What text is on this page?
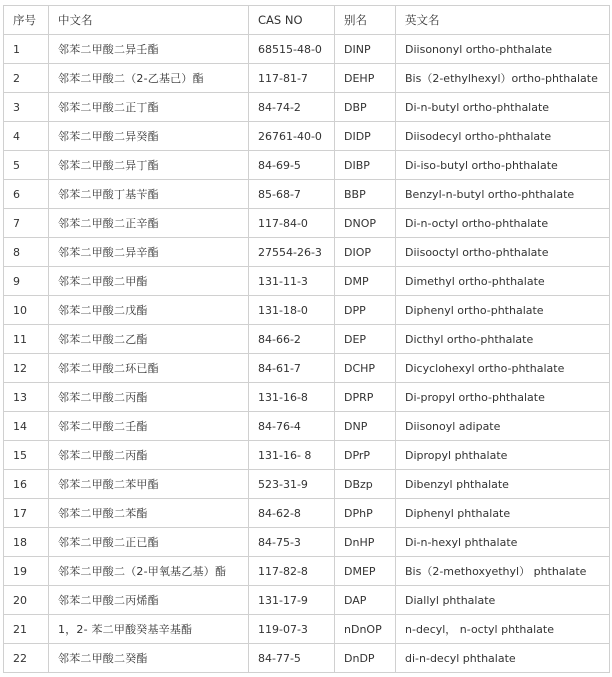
序号	中文名	CAS NO	别名	英文名
1	邻苯二甲酸二异壬酯	68515-48-0	DINP	Diisononyl ortho-phthalate
2	邻苯二甲酸二（2-乙基己）酯	117-81-7	DEHP	Bis（2-ethylhexyl）ortho-phthalate
3	邻苯二甲酸二正丁酯	84-74-2	DBP	Di-n-butyl ortho-phthalate
4	邻苯二甲酸二异癸酯	26761-40-0	DIDP	Diisodecyl ortho-phthalate
5	邻苯二甲酸二异丁酯	84-69-5	DIBP	Di-iso-butyl ortho-phthalate
6	邻苯二甲酸丁基苄酯	85-68-7	BBP	Benzyl-n-butyl ortho-phthalate
7	邻苯二甲酸二正辛酯	117-84-0	DNOP	Di-n-octyl ortho-phthalate
8	邻苯二甲酸二异辛酯	27554-26-3	DIOP	Diisooctyl ortho-phthalate
9	邻苯二甲酸二甲酯	131-11-3	DMP	Dimethyl ortho-phthalate
10	邻苯二甲酸二戊酯	131-18-0	DPP	Diphenyl ortho-phthalate
11	邻苯二甲酸二乙酯	84-66-2	DEP	Dicthyl ortho-phthalate
12	邻苯二甲酸二环已酯	84-61-7	DCHP	Dicyclohexyl ortho-phthalate
13	邻苯二甲酸二丙酯	131-16-8	DPRP	Di-propyl ortho-phthalate
14	邻苯二甲酸二壬酯	84-76-4	DNP	Diisonoyl adipate
15	邻苯二甲酸二丙酯	131-16- 8	DPrP	Dipropyl phthalate
16	邻苯二甲酸二苯甲酯	523-31-9	DBzp	Dibenzyl phthalate
17	邻苯二甲酸二苯酯	84-62-8	DPhP	Diphenyl phthalate
18	邻苯二甲酸二正已酯	84-75-3	DnHP	Di-n-hexyl phthalate
19	邻苯二甲酸二（2-甲氧基乙基）酯	117-82-8	DMEP	Bis（2-methoxyethyl） phthalate
20	邻苯二甲酸二丙烯酯	131-17-9	DAP	Diallyl phthalate
21	1，2- 苯二甲酸癸基辛基酯	119-07-3	nDnOP	n-decyl， n-octyl phthalate
22	邻苯二甲酸二癸酯	84-77-5	DnDP	di-n-decyl phthalate
